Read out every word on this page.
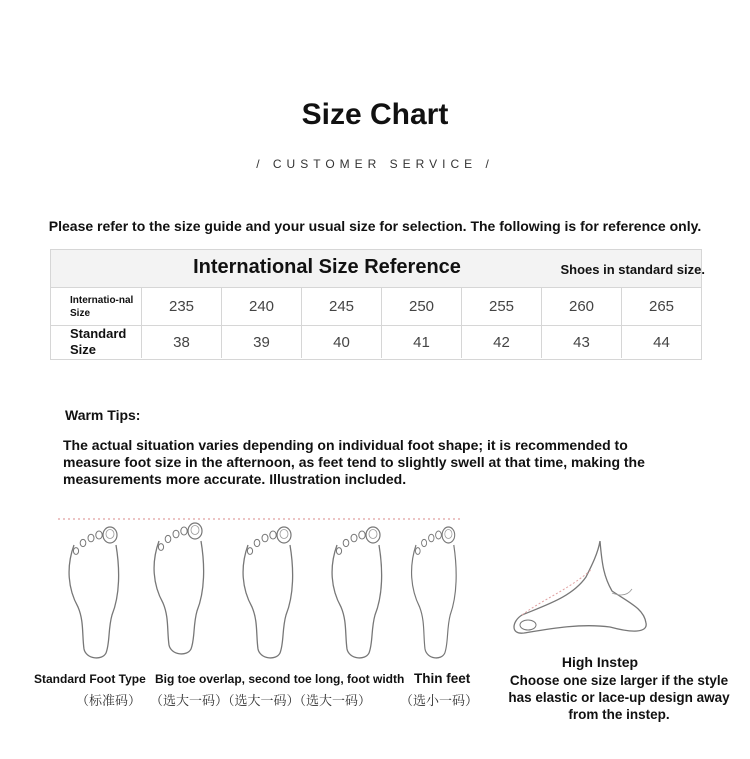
Size Chart
/ CUSTOMER SERVICE /
Please refer to the size guide and your usual size for selection. The following is for reference only.
International Size Reference	Shoes in standard size.
Internatio-nal Size	235	240	245	250	255	260	265
Standard Size	38	39	40	41	42	43	44
Warm Tips:
The actual situation varies depending on individual foot shape; it is recommended to measure foot size in the afternoon, as feet tend to slightly swell at that time, making the measurements more accurate. Illustration included.
Standard Foot Type
（标准码）
Big toe overlap, second toe long, foot width
（选大一码）（选大一码）（选大一码）
Thin feet
（选小一码）
High Instep
Choose one size larger if the style has elastic or lace-up design away from the instep.
